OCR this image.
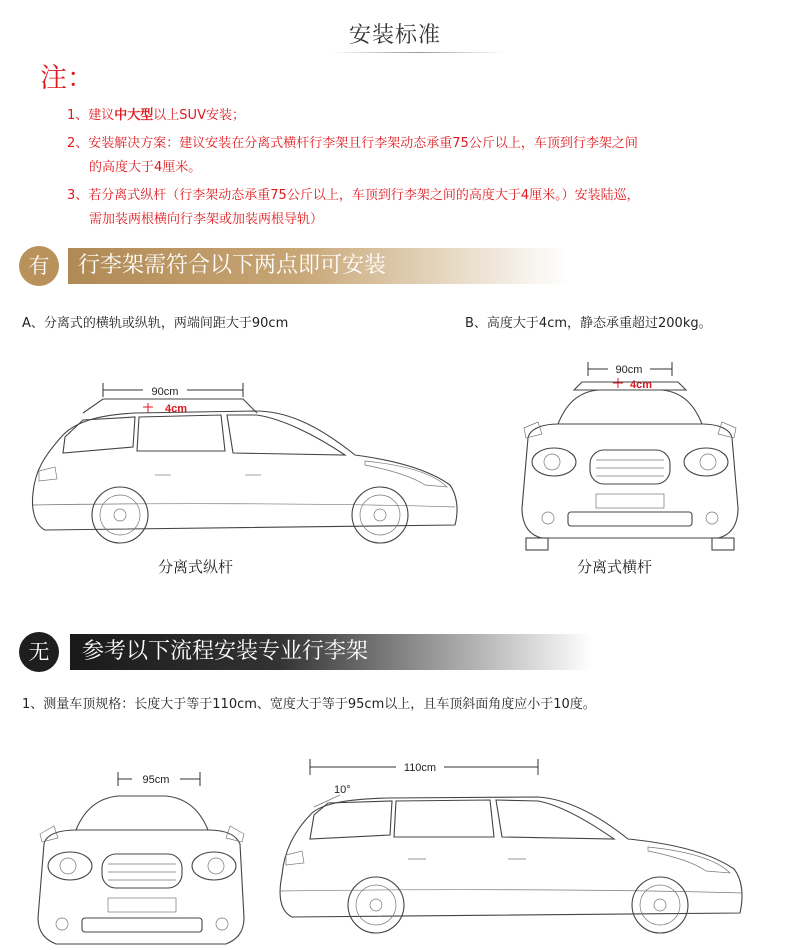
安装标准
注：
1、建议中大型以上SUV安装；
2、安装解决方案：建议安装在分离式横杆行李架且行李架动态承重75公斤以上，车顶到行李架之间
的高度大于4厘米。
3、若分离式纵杆（行李架动态承重75公斤以上，车顶到行李架之间的高度大于4厘米。）安装陆巡，
需加装两根横向行李架或加装两根导轨）
有	行李架需符合以下两点即可安装
A、分离式的横轨或纵轨，两端间距大于90cm	B、高度大于4cm，静态承重超过200kg。
90cm
4cm
分离式纵杆
90cm
4cm
分离式横杆
无	参考以下流程安装专业行李架
1、测量车顶规格：长度大于等于110cm、宽度大于等于95cm以上，且车顶斜面角度应小于10度。
95cm
110cm
10°
